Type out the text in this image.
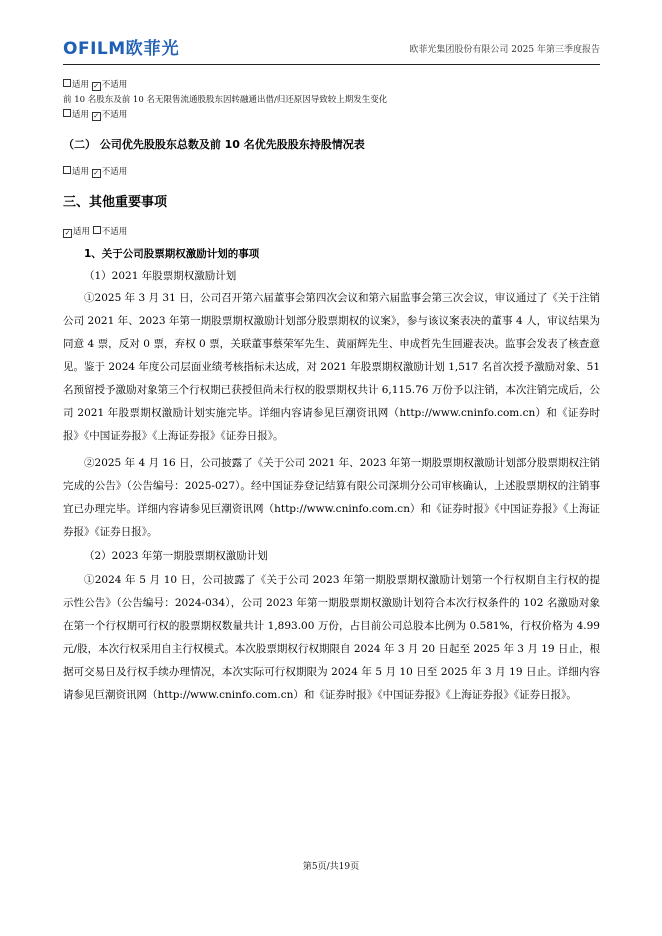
OFILM欧菲光	欧菲光集团股份有限公司 2025 年第三季度报告

适用 ✓ 不适用

前 10 名股东及前 10 名无限售流通股股东因转融通出借/归还原因导致较上期发生变化

适用 ✓ 不适用

（二） 公司优先股股东总数及前 10 名优先股股东持股情况表

适用 ✓ 不适用

三、其他重要事项

✓ 适用 不适用

1、关于公司股票期权激励计划的事项

（1）2021 年股票期权激励计划

①2025 年 3 月 31 日，公司召开第六届董事会第四次会议和第六届监事会第三次会议，审议通过了《关于注销公司 2021 年、2023 年第一期股票期权激励计划部分股票期权的议案》，参与该议案表决的董事 4 人，审议结果为同意 4 票，反对 0 票，弃权 0 票，关联董事蔡荣军先生、黄丽辉先生、申成哲先生回避表决。监事会发表了核查意见。鉴于 2024 年度公司层面业绩考核指标未达成，对 2021 年股票期权激励计划 1,517 名首次授予激励对象、51 名预留授予激励对象第三个行权期已获授但尚未行权的股票期权共计 6,115.76 万份予以注销，本次注销完成后，公司 2021 年股票期权激励计划实施完毕。详细内容请参见巨潮资讯网（http://www.cninfo.com.cn）和《证券时报》《中国证券报》《上海证券报》《证券日报》。

②2025 年 4 月 16 日，公司披露了《关于公司 2021 年、2023 年第一期股票期权激励计划部分股票期权注销完成的公告》（公告编号：2025-027）。经中国证券登记结算有限公司深圳分公司审核确认，上述股票期权的注销事宜已办理完毕。详细内容请参见巨潮资讯网（http://www.cninfo.com.cn）和《证券时报》《中国证券报》《上海证券报》《证券日报》。

（2）2023 年第一期股票期权激励计划

①2024 年 5 月 10 日，公司披露了《关于公司 2023 年第一期股票期权激励计划第一个行权期自主行权的提示性公告》（公告编号：2024-034），公司 2023 年第一期股票期权激励计划符合本次行权条件的 102 名激励对象在第一个行权期可行权的股票期权数量共计 1,893.00 万份，占目前公司总股本比例为 0.581%，行权价格为 4.99 元/股，本次行权采用自主行权模式。本次股票期权行权期限自 2024 年 3 月 20 日起至 2025 年 3 月 19 日止，根据可交易日及行权手续办理情况，本次实际可行权期限为 2024 年 5 月 10 日至 2025 年 3 月 19 日止。详细内容请参见巨潮资讯网（http://www.cninfo.com.cn）和《证券时报》《中国证券报》《上海证券报》《证券日报》。

第5页/共19页
